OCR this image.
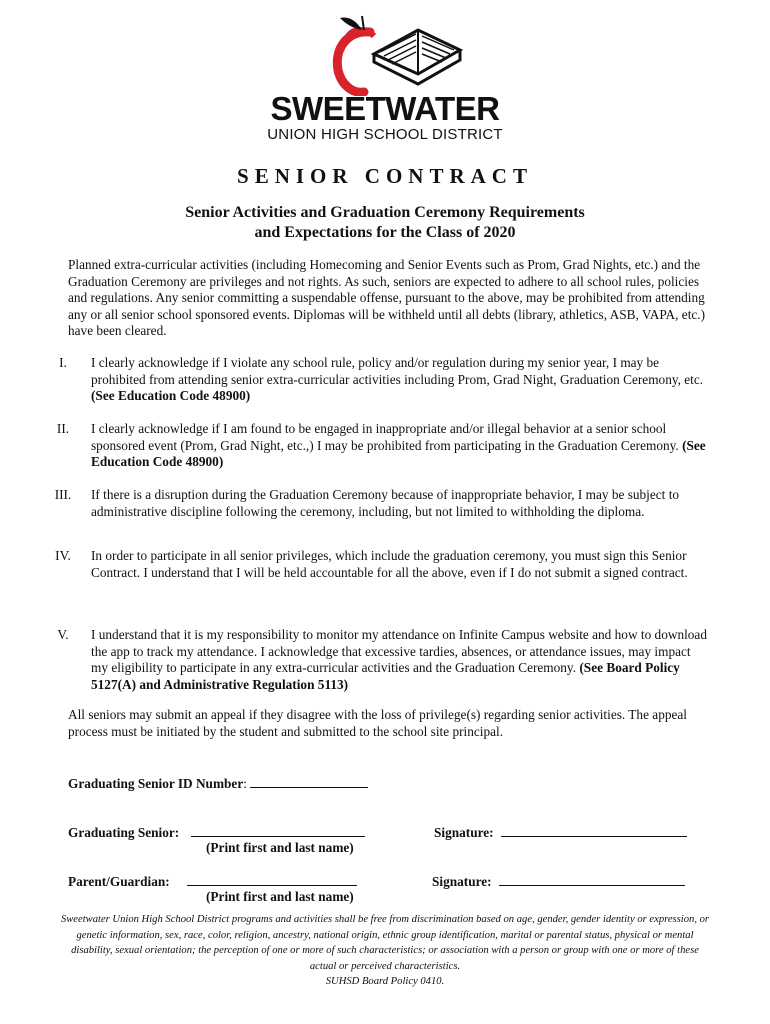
SWEETWATER
UNION HIGH SCHOOL DISTRICT
SENIOR CONTRACT
Senior Activities and Graduation Ceremony Requirements
and Expectations for the Class of 2020
Planned extra-curricular activities (including Homecoming and Senior Events such as Prom, Grad Nights, etc.) and the Graduation Ceremony are privileges and not rights. As such, seniors are expected to adhere to all school rules, policies and regulations. Any senior committing a suspendable offense, pursuant to the above, may be prohibited from attending any or all senior school sponsored events. Diplomas will be withheld until all debts (library, athletics, ASB, VAPA, etc.) have been cleared.
I.	I clearly acknowledge if I violate any school rule, policy and/or regulation during my senior year, I may be prohibited from attending senior extra-curricular activities including Prom, Grad Night, Graduation Ceremony, etc. (See Education Code 48900)
II.	I clearly acknowledge if I am found to be engaged in inappropriate and/or illegal behavior at a senior school sponsored event (Prom, Grad Night, etc.,) I may be prohibited from participating in the Graduation Ceremony. (See Education Code 48900)
III.	If there is a disruption during the Graduation Ceremony because of inappropriate behavior, I may be subject to administrative discipline following the ceremony, including, but not limited to withholding the diploma.
IV.	In order to participate in all senior privileges, which include the graduation ceremony, you must sign this Senior Contract. I understand that I will be held accountable for all the above, even if I do not submit a signed contract.
V.	I understand that it is my responsibility to monitor my attendance on Infinite Campus website and how to download the app to track my attendance. I acknowledge that excessive tardies, absences, or attendance issues, may impact my eligibility to participate in any extra-curricular activities and the Graduation Ceremony. (See Board Policy 5127(A) and Administrative Regulation 5113)
All seniors may submit an appeal if they disagree with the loss of privilege(s) regarding senior activities. The appeal process must be initiated by the student and submitted to the school site principal.
Graduating Senior ID Number:
Graduating Senior:
(Print first and last name)
Signature:
Parent/Guardian:
(Print first and last name)
Signature:
Sweetwater Union High School District programs and activities shall be free from discrimination based on age, gender, gender identity or expression, or genetic information, sex, race, color, religion, ancestry, national origin, ethnic group identification, marital or parental status, physical or mental disability, sexual orientation; the perception of one or more of such characteristics; or association with a person or group with one or more of these actual or perceived characteristics.
SUHSD Board Policy 0410.
